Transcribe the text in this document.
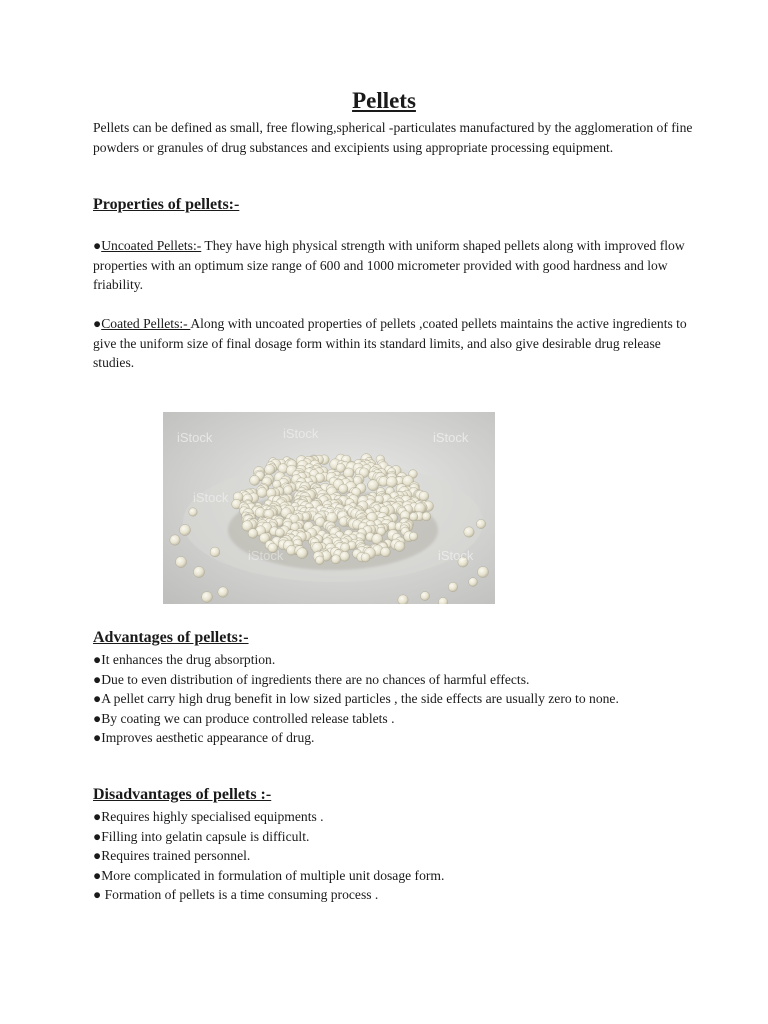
Pellets

Pellets can be defined as small, free flowing,spherical -particulates manufactured by the agglomeration of fine powders or granules of drug substances and excipients using appropriate processing equipment.

Properties of pellets:-

●Uncoated Pellets:- They have high physical strength with uniform shaped pellets along with improved flow properties with an optimum size range of 600 and 1000 micrometer provided with good hardness and low friability.

●Coated Pellets:- Along with uncoated properties of pellets ,coated pellets maintains the active ingredients to give the uniform size of final dosage form within its standard limits, and also give desirable drug release studies.

iStock	iStock	iStock
iStock
iStock
iStock	iStock
Advantages of pellets:-
●It enhances the drug absorption.
●Due to even distribution of ingredients there are no chances of harmful effects.
●A pellet carry high drug benefit in low sized particles , the side effects are usually zero to none.
●By coating we can produce controlled release tablets .
●Improves aesthetic appearance of drug.
Disadvantages of pellets :-
●Requires highly specialised equipments .
●Filling into gelatin capsule is difficult.
●Requires trained personnel.
●More complicated in formulation of multiple unit dosage form.
● Formation of pellets is a time consuming process .
